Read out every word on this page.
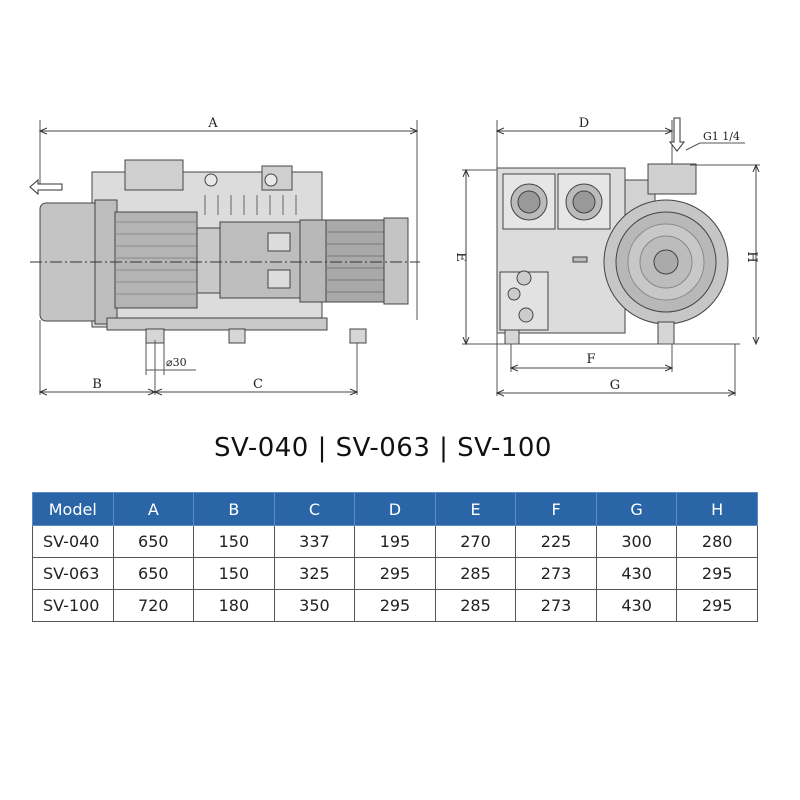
A
B	C
D
E
F
G
H
G1 1/4
⌀30
SV-040 | SV-063 | SV-100
Model	A	B	C	D	E	F	G	H
SV-040	650	150	337	195	270	225	300	280
SV-063	650	150	325	295	285	273	430	295
SV-100	720	180	350	295	285	273	430	295
